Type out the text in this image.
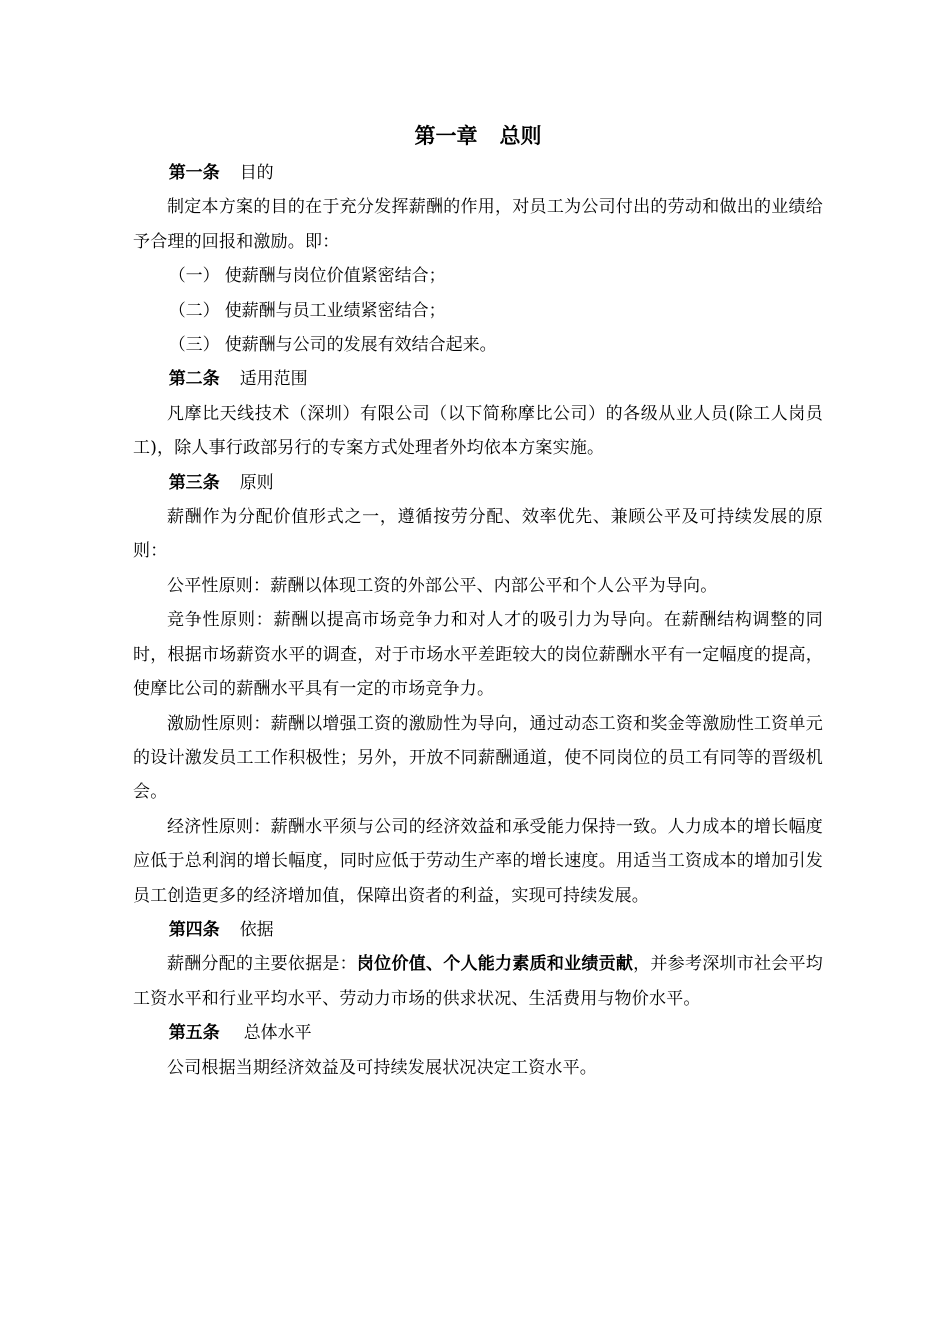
第一章 总则

第一条 目的

制定本方案的目的在于充分发挥薪酬的作用，对员工为公司付出的劳动和做出的业绩给予合理的回报和激励。即：

（一） 使薪酬与岗位价值紧密结合；

（二） 使薪酬与员工业绩紧密结合；

（三） 使薪酬与公司的发展有效结合起来。

第二条 适用范围

凡摩比天线技术（深圳）有限公司（以下简称摩比公司）的各级从业人员(除工人岗员工)，除人事行政部另行的专案方式处理者外均依本方案实施。

第三条 原则

薪酬作为分配价值形式之一，遵循按劳分配、效率优先、兼顾公平及可持续发展的原则：

公平性原则：薪酬以体现工资的外部公平、内部公平和个人公平为导向。

竞争性原则：薪酬以提高市场竞争力和对人才的吸引力为导向。在薪酬结构调整的同时，根据市场薪资水平的调查，对于市场水平差距较大的岗位薪酬水平有一定幅度的提高，使摩比公司的薪酬水平具有一定的市场竞争力。

激励性原则：薪酬以增强工资的激励性为导向，通过动态工资和奖金等激励性工资单元的设计激发员工工作积极性；另外，开放不同薪酬通道，使不同岗位的员工有同等的晋级机会。

经济性原则：薪酬水平须与公司的经济效益和承受能力保持一致。人力成本的增长幅度应低于总利润的增长幅度，同时应低于劳动生产率的增长速度。用适当工资成本的增加引发员工创造更多的经济增加值，保障出资者的利益，实现可持续发展。

第四条 依据

薪酬分配的主要依据是：岗位价值、个人能力素质和业绩贡献，并参考深圳市社会平均工资水平和行业平均水平、劳动力市场的供求状况、生活费用与物价水平。

第五条 总体水平

公司根据当期经济效益及可持续发展状况决定工资水平。
